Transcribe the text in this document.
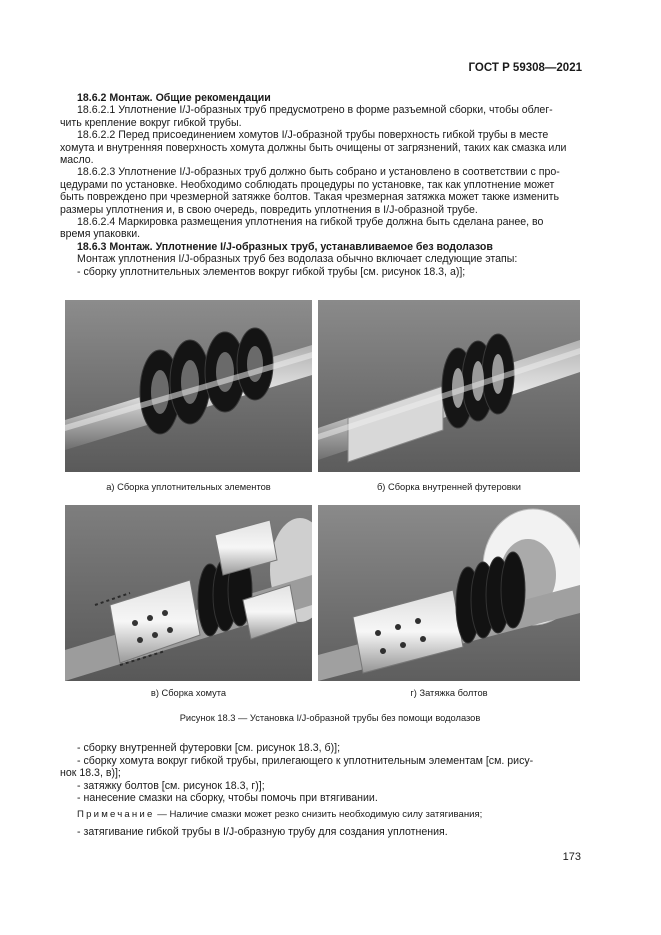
ГОСТ Р 59308—2021

18.6.2 Монтаж. Общие рекомендации

18.6.2.1 Уплотнение I/J-образных труб предусмотрено в форме разъемной сборки, чтобы облег-

чить крепление вокруг гибкой трубы.

18.6.2.2 Перед присоединением хомутов I/J-образной трубы поверхность гибкой трубы в месте

хомута и внутренняя поверхность хомута должны быть очищены от загрязнений, таких как смазка или

масло.

18.6.2.3 Уплотнение I/J-образных труб должно быть собрано и установлено в соответствии с про-

цедурами по установке. Необходимо соблюдать процедуры по установке, так как уплотнение может

быть повреждено при чрезмерной затяжке болтов. Такая чрезмерная затяжка может также изменить

размеры уплотнения и, в свою очередь, повредить уплотнения в I/J-образной трубе.

18.6.2.4 Маркировка размещения уплотнения на гибкой трубе должна быть сделана ранее, во

время упаковки.

18.6.3 Монтаж. Уплотнение I/J-образных труб, устанавливаемое без водолазов

Монтаж уплотнения I/J-образных труб без водолаза обычно включает следующие этапы:

- сборку уплотнительных элементов вокруг гибкой трубы [см. рисунок 18.3, а)];

а) Сборка уплотнительных элементов	б) Сборка внутренней футеровки
в) Сборка хомута	г) Затяжка болтов
Рисунок 18.3 — Установка I/J-образной трубы без помощи водолазов

- сборку внутренней футеровки [см. рисунок 18.3, б)];

- сборку хомута вокруг гибкой трубы, прилегающего к уплотнительным элементам [см. рису-

нок 18.3, в)];

- затяжку болтов [см. рисунок 18.3, г)];

- нанесение смазки на сборку, чтобы помочь при втягивании.

Примечание — Наличие смазки может резко снизить необходимую силу затягивания;

- затягивание гибкой трубы в I/J-образную трубу для создания уплотнения.

173
